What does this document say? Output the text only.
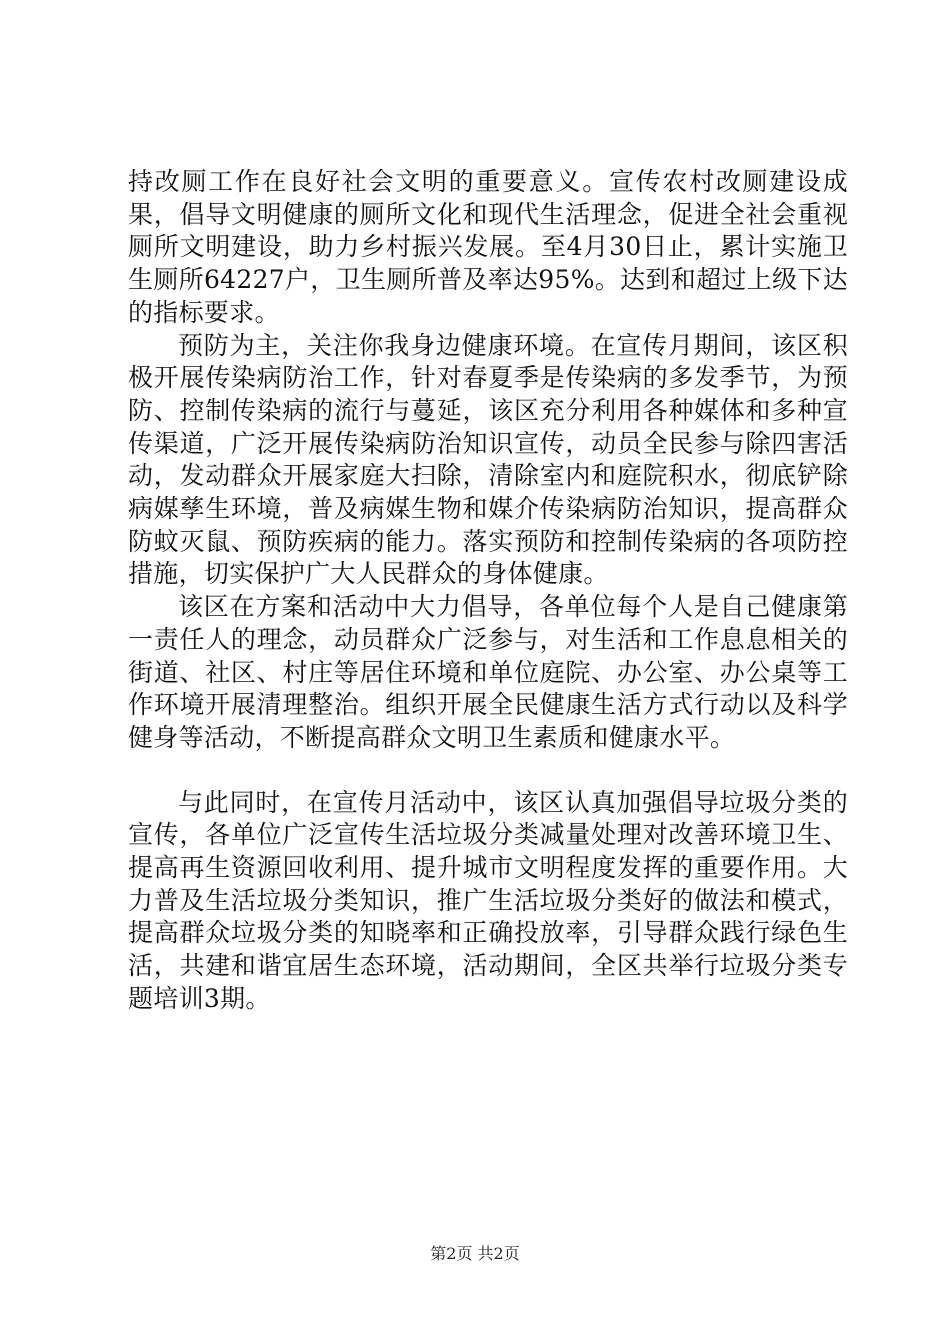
持改厕工作在良好社会文明的重要意义。宣传农村改厕建设成果，倡导文明健康的厕所文化和现代生活理念，促进全社会重视厕所文明建设，助力乡村振兴发展。至4月30日止，累计实施卫生厕所64227户，卫生厕所普及率达95%。达到和超过上级下达的指标要求。

预防为主，关注你我身边健康环境。在宣传月期间，该区积极开展传染病防治工作，针对春夏季是传染病的多发季节，为预防、控制传染病的流行与蔓延，该区充分利用各种媒体和多种宣传渠道，广泛开展传染病防治知识宣传，动员全民参与除四害活动，发动群众开展家庭大扫除，清除室内和庭院积水，彻底铲除病媒孳生环境，普及病媒生物和媒介传染病防治知识，提高群众防蚊灭鼠、预防疾病的能力。落实预防和控制传染病的各项防控措施，切实保护广大人民群众的身体健康。

该区在方案和活动中大力倡导，各单位每个人是自己健康第一责任人的理念，动员群众广泛参与，对生活和工作息息相关的街道、社区、村庄等居住环境和单位庭院、办公室、办公桌等工作环境开展清理整治。组织开展全民健康生活方式行动以及科学健身等活动，不断提高群众文明卫生素质和健康水平。

与此同时，在宣传月活动中，该区认真加强倡导垃圾分类的宣传，各单位广泛宣传生活垃圾分类减量处理对改善环境卫生、提高再生资源回收利用、提升城市文明程度发挥的重要作用。大力普及生活垃圾分类知识，推广生活垃圾分类好的做法和模式，提高群众垃圾分类的知晓率和正确投放率，引导群众践行绿色生活，共建和谐宜居生态环境，活动期间，全区共举行垃圾分类专题培训3期。

第2页 共2页
